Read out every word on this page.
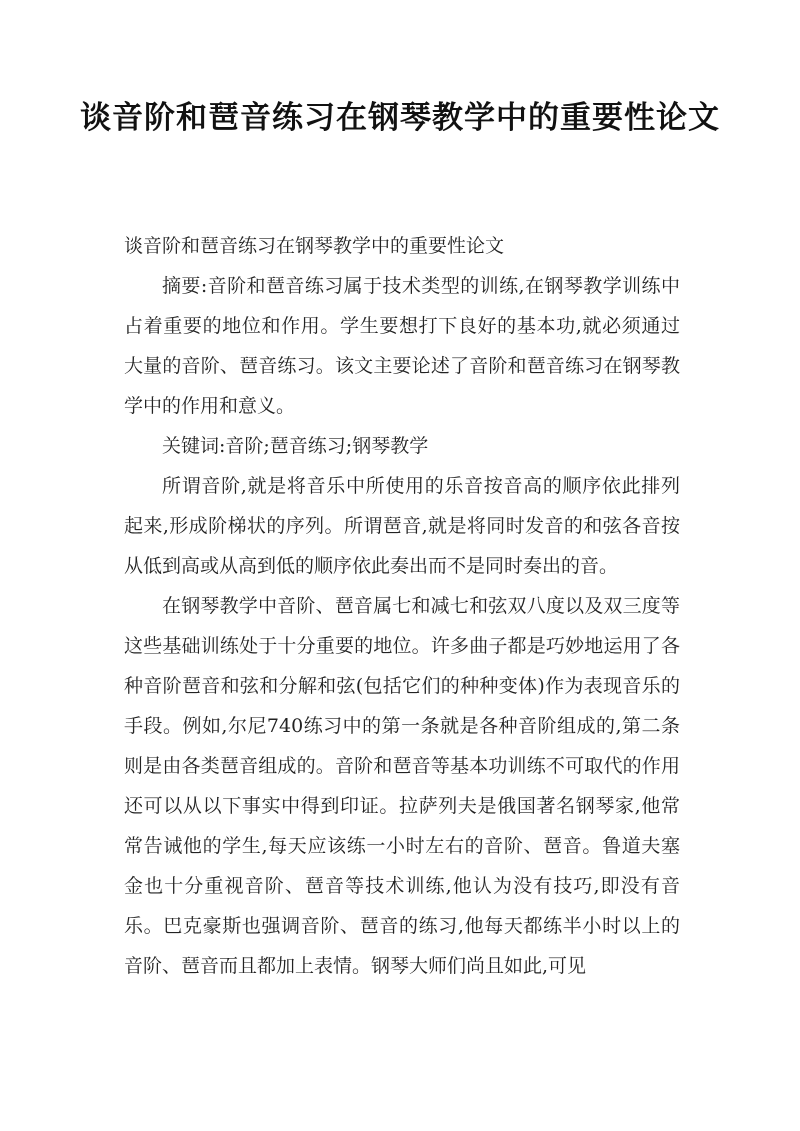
谈音阶和琶音练习在钢琴教学中的重要性论文

谈音阶和琶音练习在钢琴教学中的重要性论文

摘要:音阶和琶音练习属于技术类型的训练,在钢琴教学训练中占着重要的地位和作用。学生要想打下良好的基本功,就必须通过大量的音阶、琶音练习。该文主要论述了音阶和琶音练习在钢琴教学中的作用和意义。

关键词:音阶;琶音练习;钢琴教学

所谓音阶,就是将音乐中所使用的乐音按音高的顺序依此排列起来,形成阶梯状的序列。所谓琶音,就是将同时发音的和弦各音按从低到高或从高到低的顺序依此奏出而不是同时奏出的音。

在钢琴教学中音阶、琶音属七和减七和弦双八度以及双三度等这些基础训练处于十分重要的地位。许多曲子都是巧妙地运用了各种音阶琶音和弦和分解和弦(包括它们的种种变体)作为表现音乐的手段。例如,尔尼740练习中的第一条就是各种音阶组成的,第二条则是由各类琶音组成的。音阶和琶音等基本功训练不可取代的作用还可以从以下事实中得到印证。拉萨列夫是俄国著名钢琴家,他常常告诫他的学生,每天应该练一小时左右的音阶、琶音。鲁道夫塞金也十分重视音阶、琶音等技术训练,他认为没有技巧,即没有音乐。巴克豪斯也强调音阶、琶音的练习,他每天都练半小时以上的音阶、琶音而且都加上表情。钢琴大师们尚且如此,可见
